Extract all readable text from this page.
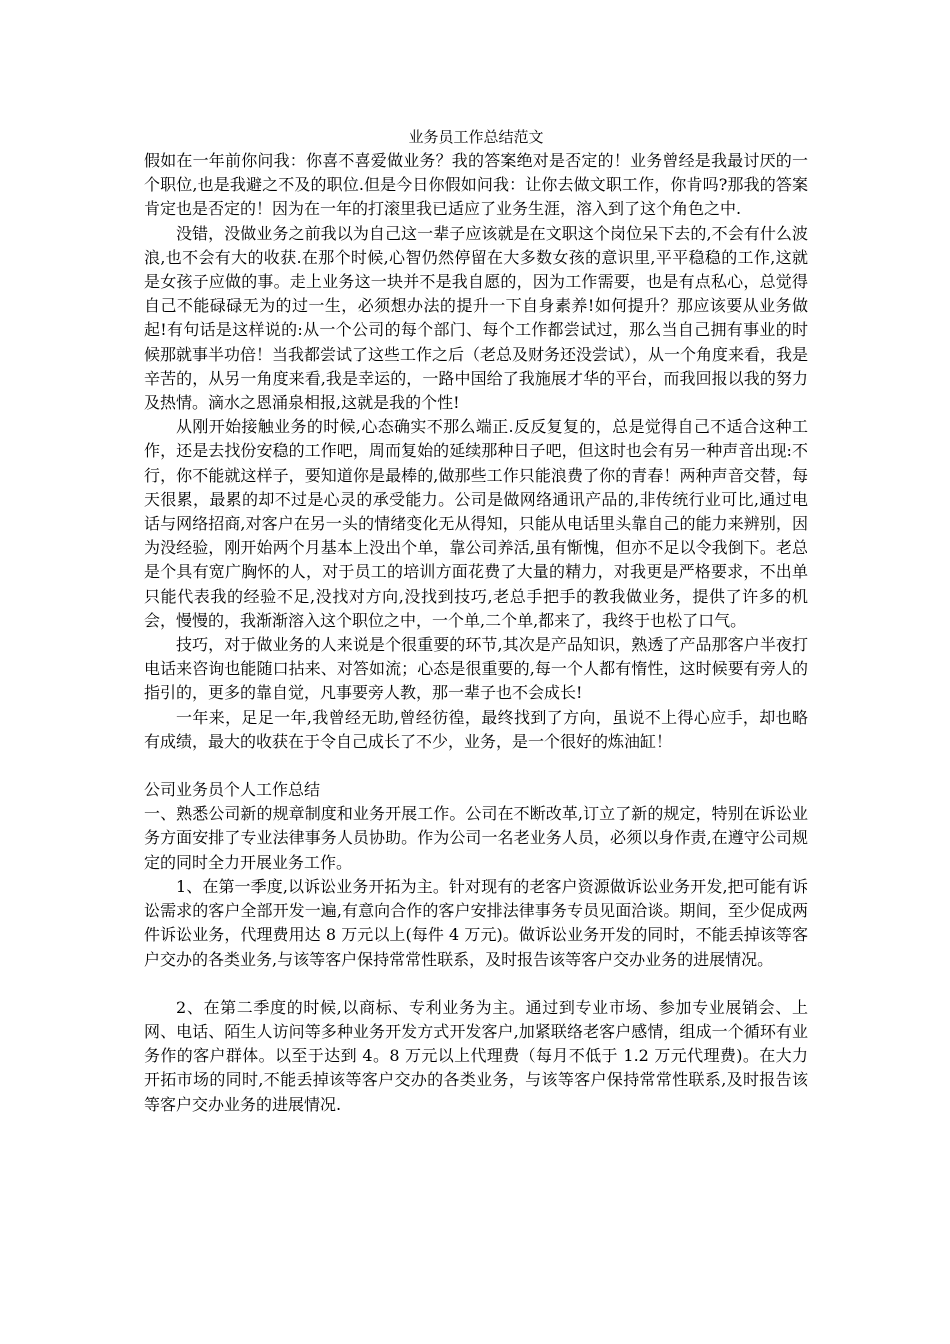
业务员工作总结范文

假如在一年前你问我：你喜不喜爱做业务？我的答案绝对是否定的！业务曾经是我最讨厌的一个职位,也是我避之不及的职位.但是今日你假如问我：让你去做文职工作，你肯吗?那我的答案肯定也是否定的！因为在一年的打滚里我已适应了业务生涯，溶入到了这个角色之中.

没错，没做业务之前我以为自己这一辈子应该就是在文职这个岗位呆下去的,不会有什么波浪,也不会有大的收获.在那个时候,心智仍然停留在大多数女孩的意识里,平平稳稳的工作,这就是女孩子应做的事。走上业务这一块并不是我自愿的，因为工作需要，也是有点私心，总觉得自己不能碌碌无为的过一生，必须想办法的提升一下自身素养!如何提升？那应该要从业务做起!有句话是这样说的:从一个公司的每个部门、每个工作都尝试过，那么当自己拥有事业的时候那就事半功倍！当我都尝试了这些工作之后（老总及财务还没尝试），从一个角度来看，我是辛苦的，从另一角度来看,我是幸运的，一路中国给了我施展才华的平台，而我回报以我的努力及热情。滴水之恩涌泉相报,这就是我的个性!

从刚开始接触业务的时候,心态确实不那么端正.反反复复的，总是觉得自己不适合这种工作，还是去找份安稳的工作吧，周而复始的延续那种日子吧，但这时也会有另一种声音出现:不行，你不能就这样子，要知道你是最棒的,做那些工作只能浪费了你的青春！两种声音交替，每天很累，最累的却不过是心灵的承受能力。公司是做网络通讯产品的,非传统行业可比,通过电话与网络招商,对客户在另一头的情绪变化无从得知，只能从电话里头靠自己的能力来辨别，因为没经验，刚开始两个月基本上没出个单，靠公司养活,虽有惭愧，但亦不足以令我倒下。老总是个具有宽广胸怀的人，对于员工的培训方面花费了大量的精力，对我更是严格要求，不出单只能代表我的经验不足,没找对方向,没找到技巧,老总手把手的教我做业务，提供了许多的机会，慢慢的，我渐渐溶入这个职位之中，一个单,二个单,都来了，我终于也松了口气。

技巧，对于做业务的人来说是个很重要的环节,其次是产品知识，熟透了产品那客户半夜打电话来咨询也能随口拈来、对答如流；心态是很重要的,每一个人都有惰性，这时候要有旁人的指引的，更多的靠自觉，凡事要旁人教，那一辈子也不会成长!

一年来，足足一年,我曾经无助,曾经彷徨，最终找到了方向，虽说不上得心应手，却也略有成绩，最大的收获在于令自己成长了不少，业务，是一个很好的炼油缸！

公司业务员个人工作总结

一、熟悉公司新的规章制度和业务开展工作。公司在不断改革,订立了新的规定，特别在诉讼业务方面安排了专业法律事务人员协助。作为公司一名老业务人员，必须以身作责,在遵守公司规定的同时全力开展业务工作。

1、在第一季度,以诉讼业务开拓为主。针对现有的老客户资源做诉讼业务开发,把可能有诉讼需求的客户全部开发一遍,有意向合作的客户安排法律事务专员见面洽谈。期间，至少促成两件诉讼业务，代理费用达 8 万元以上(每件 4 万元)。做诉讼业务开发的同时，不能丢掉该等客户交办的各类业务,与该等客户保持常常性联系，及时报告该等客户交办业务的进展情况。

2、在第二季度的时候,以商标、专利业务为主。通过到专业市场、参加专业展销会、上网、电话、陌生人访问等多种业务开发方式开发客户,加紧联络老客户感情，组成一个循环有业务作的客户群体。以至于达到 4。8 万元以上代理费（每月不低于 1.2 万元代理费)。在大力开拓市场的同时,不能丢掉该等客户交办的各类业务，与该等客户保持常常性联系,及时报告该等客户交办业务的进展情况.
